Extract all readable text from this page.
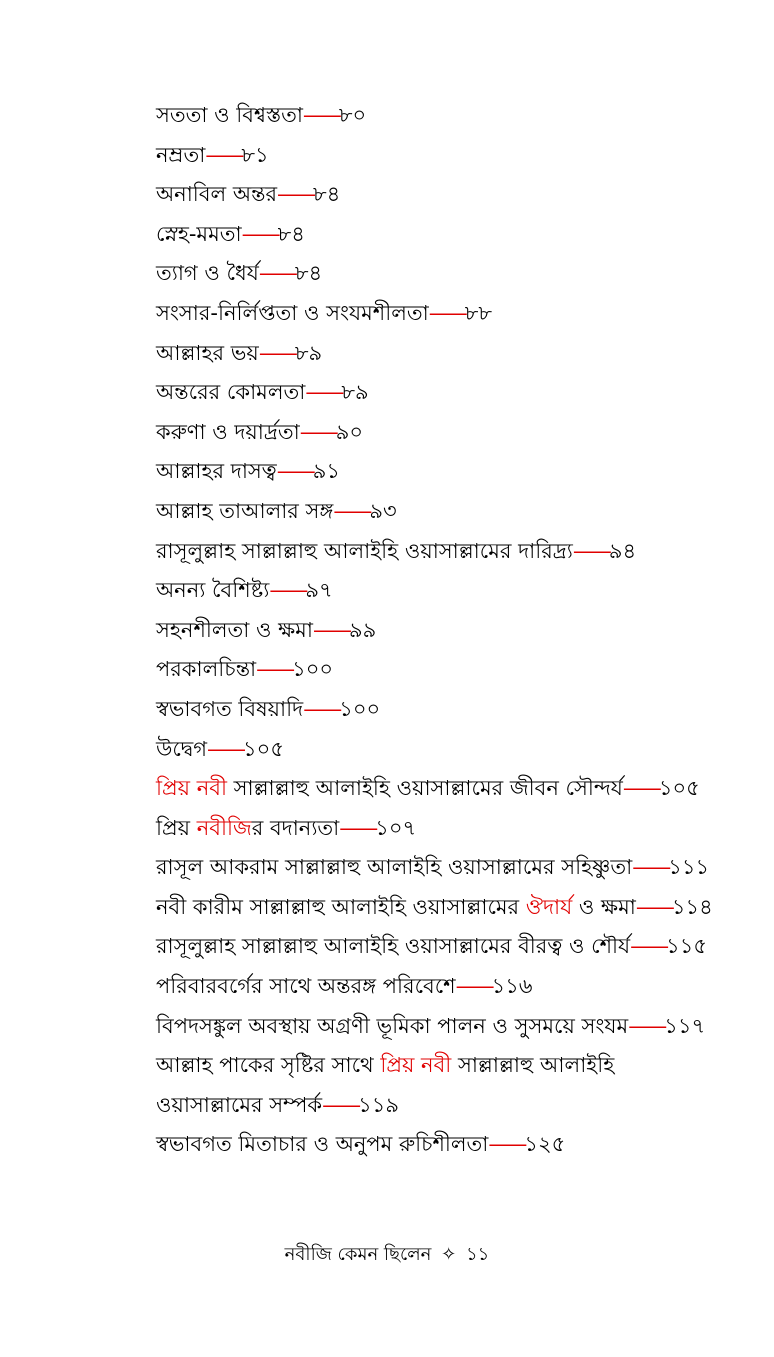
সততা ও বিশ্বস্ততা——৮০
নম্রতা——৮১
অনাবিল অন্তর——৮৪
স্নেহ-মমতা——৮৪
ত্যাগ ও ধৈর্য——৮৪
সংসার-নির্লিপ্ততা ও সংযমশীলতা——৮৮
আল্লাহর ভয়——৮৯
অন্তরের কোমলতা——৮৯
করুণা ও দয়ার্দ্রতা——৯০
আল্লাহর দাসত্ব——৯১
আল্লাহ তাআলার সঙ্গ——৯৩
রাসূলুল্লাহ সাল্লাল্লাহু আলাইহি ওয়াসাল্লামের দারিদ্র্য——৯৪
অনন্য বৈশিষ্ট্য——৯৭
সহনশীলতা ও ক্ষমা——৯৯
পরকালচিন্তা——১০০
স্বভাবগত বিষয়াদি——১০০
উদ্বেগ——১০৫
প্রিয় নবী সাল্লাল্লাহু আলাইহি ওয়াসাল্লামের জীবন সৌন্দর্য——১০৫
প্রিয় নবীজির বদান্যতা——১০৭
রাসূল আকরাম সাল্লাল্লাহু আলাইহি ওয়াসাল্লামের সহিষ্ণুতা——১১১
নবী কারীম সাল্লাল্লাহু আলাইহি ওয়াসাল্লামের ঔদার্য ও ক্ষমা——১১৪
রাসূলুল্লাহ সাল্লাল্লাহু আলাইহি ওয়াসাল্লামের বীরত্ব ও শৌর্য——১১৫
পরিবারবর্গের সাথে অন্তরঙ্গ পরিবেশে——১১৬
বিপদসঙ্কুল অবস্থায় অগ্রণী ভূমিকা পালন ও সুসময়ে সংযম——১১৭
আল্লাহ পাকের সৃষ্টির সাথে প্রিয় নবী সাল্লাল্লাহু আলাইহি
ওয়াসাল্লামের সম্পর্ক——১১৯
স্বভাবগত মিতাচার ও অনুপম রুচিশীলতা——১২৫
নবীজি কেমন ছিলেন ✧ ১১
